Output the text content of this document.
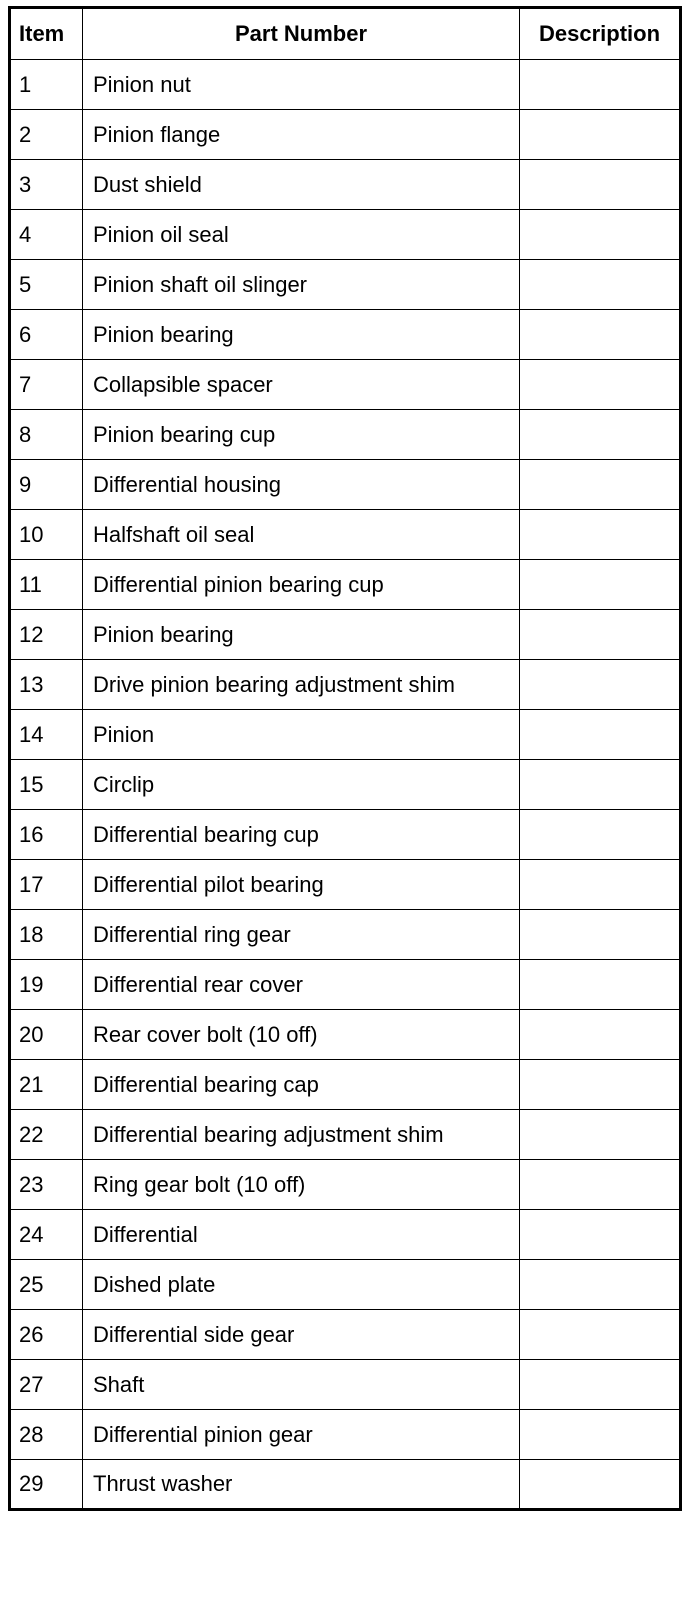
Item	Part Number	Description
1	Pinion nut	
2	Pinion flange	
3	Dust shield	
4	Pinion oil seal	
5	Pinion shaft oil slinger	
6	Pinion bearing	
7	Collapsible spacer	
8	Pinion bearing cup	
9	Differential housing	
10	Halfshaft oil seal	
11	Differential pinion bearing cup	
12	Pinion bearing	
13	Drive pinion bearing adjustment shim	
14	Pinion	
15	Circlip	
16	Differential bearing cup	
17	Differential pilot bearing	
18	Differential ring gear	
19	Differential rear cover	
20	Rear cover bolt (10 off)	
21	Differential bearing cap	
22	Differential bearing adjustment shim	
23	Ring gear bolt (10 off)	
24	Differential	
25	Dished plate	
26	Differential side gear	
27	Shaft	
28	Differential pinion gear	
29	Thrust washer	
